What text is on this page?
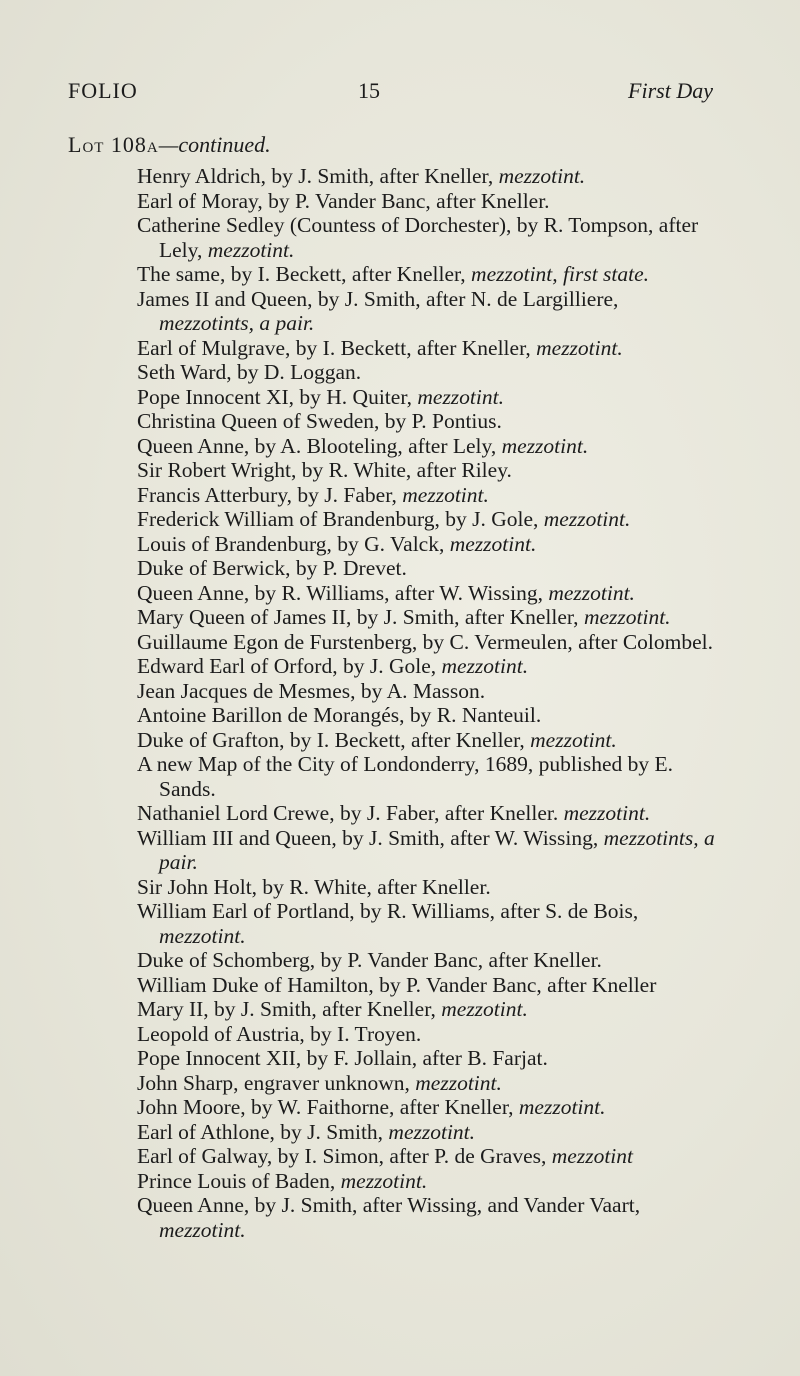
FOLIO	15	First Day
Lot 108a—continued.
Henry Aldrich, by J. Smith, after Kneller, mezzotint.
Earl of Moray, by P. Vander Banc, after Kneller.
Catherine Sedley (Countess of Dorchester), by R. Tompson, after Lely, mezzotint.
The same, by I. Beckett, after Kneller, mezzotint, first state.
James II and Queen, by J. Smith, after N. de Largilliere, mezzotints, a pair.
Earl of Mulgrave, by I. Beckett, after Kneller, mezzotint.
Seth Ward, by D. Loggan.
Pope Innocent XI, by H. Quiter, mezzotint.
Christina Queen of Sweden, by P. Pontius.
Queen Anne, by A. Blooteling, after Lely, mezzotint.
Sir Robert Wright, by R. White, after Riley.
Francis Atterbury, by J. Faber, mezzotint.
Frederick William of Brandenburg, by J. Gole, mezzotint.
Louis of Brandenburg, by G. Valck, mezzotint.
Duke of Berwick, by P. Drevet.
Queen Anne, by R. Williams, after W. Wissing, mezzotint.
Mary Queen of James II, by J. Smith, after Kneller, mezzotint.
Guillaume Egon de Furstenberg, by C. Vermeulen, after Colombel.
Edward Earl of Orford, by J. Gole, mezzotint.
Jean Jacques de Mesmes, by A. Masson.
Antoine Barillon de Morangés, by R. Nanteuil.
Duke of Grafton, by I. Beckett, after Kneller, mezzotint.
A new Map of the City of Londonderry, 1689, published by E. Sands.
Nathaniel Lord Crewe, by J. Faber, after Kneller. mezzotint.
William III and Queen, by J. Smith, after W. Wissing, mezzotints, a pair.
Sir John Holt, by R. White, after Kneller.
William Earl of Portland, by R. Williams, after S. de Bois, mezzotint.
Duke of Schomberg, by P. Vander Banc, after Kneller.
William Duke of Hamilton, by P. Vander Banc, after Kneller
Mary II, by J. Smith, after Kneller, mezzotint.
Leopold of Austria, by I. Troyen.
Pope Innocent XII, by F. Jollain, after B. Farjat.
John Sharp, engraver unknown, mezzotint.
John Moore, by W. Faithorne, after Kneller, mezzotint.
Earl of Athlone, by J. Smith, mezzotint.
Earl of Galway, by I. Simon, after P. de Graves, mezzotint
Prince Louis of Baden, mezzotint.
Queen Anne, by J. Smith, after Wissing, and Vander Vaart, mezzotint.
